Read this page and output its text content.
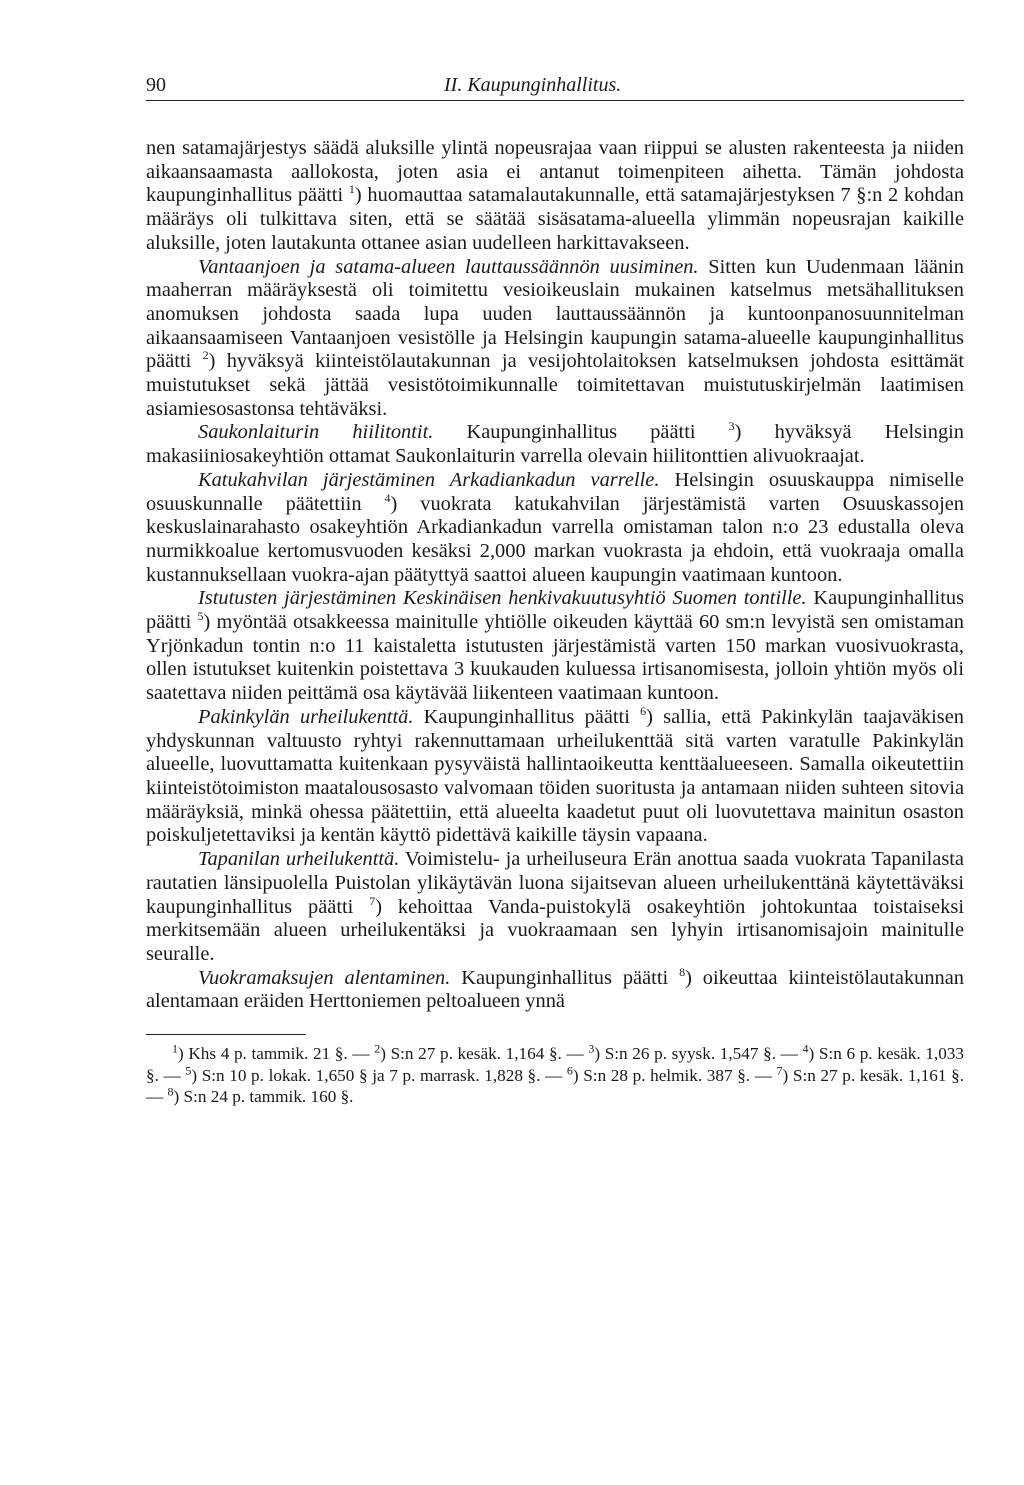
90	II. Kaupunginhallitus.

nen satamajärjestys säädä aluksille ylintä nopeusrajaa vaan riippui se alusten rakenteesta ja niiden aikaansaamasta aallokosta, joten asia ei antanut toimenpiteen aihetta. Tämän johdosta kaupunginhallitus päätti $^1$) huomauttaa satamalautakunnalle, että satamajärjestyksen 7 §:n 2 kohdan määräys oli tulkittava siten, että se säätää sisäsatama-alueella ylimmän nopeusrajan kaikille aluksille, joten lautakunta ottanee asian uudelleen harkittavakseen.

Vantaanjoen ja satama-alueen lauttaussäännön uusiminen. Sitten kun Uudenmaan läänin maaherran määräyksestä oli toimitettu vesioikeuslain mukainen katselmus metsähallituksen anomuksen johdosta saada lupa uuden lauttaussäännön ja kuntoonpanosuunnitelman aikaansaamiseen Vantaanjoen vesistölle ja Helsingin kaupungin satama-alueelle kaupunginhallitus päätti $^2$) hyväksyä kiinteistölautakunnan ja vesijohtolaitoksen katselmuksen johdosta esittämät muistutukset sekä jättää vesistötoimikunnalle toimitettavan muistutuskirjelmän laatimisen asiamiesosastonsa tehtäväksi.

Saukonlaiturin hiilitontit. Kaupunginhallitus päätti $^3$) hyväksyä Helsingin makasiiniosakeyhtiön ottamat Saukonlaiturin varrella olevain hiilitonttien alivuokraajat.

Katukahvilan järjestäminen Arkadiankadun varrelle. Helsingin osuuskauppa nimiselle osuuskunnalle päätettiin $^4$) vuokrata katukahvilan järjestämistä varten Osuuskassojen keskuslainarahasto osakeyhtiön Arkadiankadun varrella omistaman talon n:o 23 edustalla oleva nurmikkoalue kertomusvuoden kesäksi 2,000 markan vuokrasta ja ehdoin, että vuokraaja omalla kustannuksellaan vuokra-ajan päätyttyä saattoi alueen kaupungin vaatimaan kuntoon.

Istutusten järjestäminen Keskinäisen henkivakuutusyhtiö Suomen tontille. Kaupunginhallitus päätti $^5$) myöntää otsakkeessa mainitulle yhtiölle oikeuden käyttää 60 sm:n levyistä sen omistaman Yrjönkadun tontin n:o 11 kaistaletta istutusten järjestämistä varten 150 markan vuosivuokrasta, ollen istutukset kuitenkin poistettava 3 kuukauden kuluessa irtisanomisesta, jolloin yhtiön myös oli saatettava niiden peittämä osa käytävää liikenteen vaatimaan kuntoon.

Pakinkylän urheilukenttä. Kaupunginhallitus päätti $^6$) sallia, että Pakinkylän taajaväkisen yhdyskunnan valtuusto ryhtyi rakennuttamaan urheilukenttää sitä varten varatulle Pakinkylän alueelle, luovuttamatta kuitenkaan pysyväistä hallintaoikeutta kenttäalueeseen. Samalla oikeutettiin kiinteistötoimiston maatalousosasto valvomaan töiden suoritusta ja antamaan niiden suhteen sitovia määräyksiä, minkä ohessa päätettiin, että alueelta kaadetut puut oli luovutettava mainitun osaston poiskuljetettaviksi ja kentän käyttö pidettävä kaikille täysin vapaana.

Tapanilan urheilukenttä. Voimistelu- ja urheiluseura Erän anottua saada vuokrata Tapanilasta rautatien länsipuolella Puistolan ylikäytävän luona sijaitsevan alueen urheilukenttänä käytettäväksi kaupunginhallitus päätti $^7$) kehoittaa Vanda-puistokylä osakeyhtiön johtokuntaa toistaiseksi merkitsemään alueen urheilukentäksi ja vuokraamaan sen lyhyin irtisanomisajoin mainitulle seuralle.

Vuokramaksujen alentaminen. Kaupunginhallitus päätti $^8$) oikeuttaa kiinteistölautakunnan alentamaan eräiden Herttoniemen peltoalueen ynnä

$^1$) Khs 4 p. tammik. 21 §. — $^2$) S:n 27 p. kesäk. 1,164 §. — $^3$) S:n 26 p. syysk. 1,547 §. — $^4$) S:n 6 p. kesäk. 1,033 §. — $^5$) S:n 10 p. lokak. 1,650 § ja 7 p. marrask. 1,828 §. — $^6$) S:n 28 p. helmik. 387 §. — $^7$) S:n 27 p. kesäk. 1,161 §. — $^8$) S:n 24 p. tammik. 160 §.
